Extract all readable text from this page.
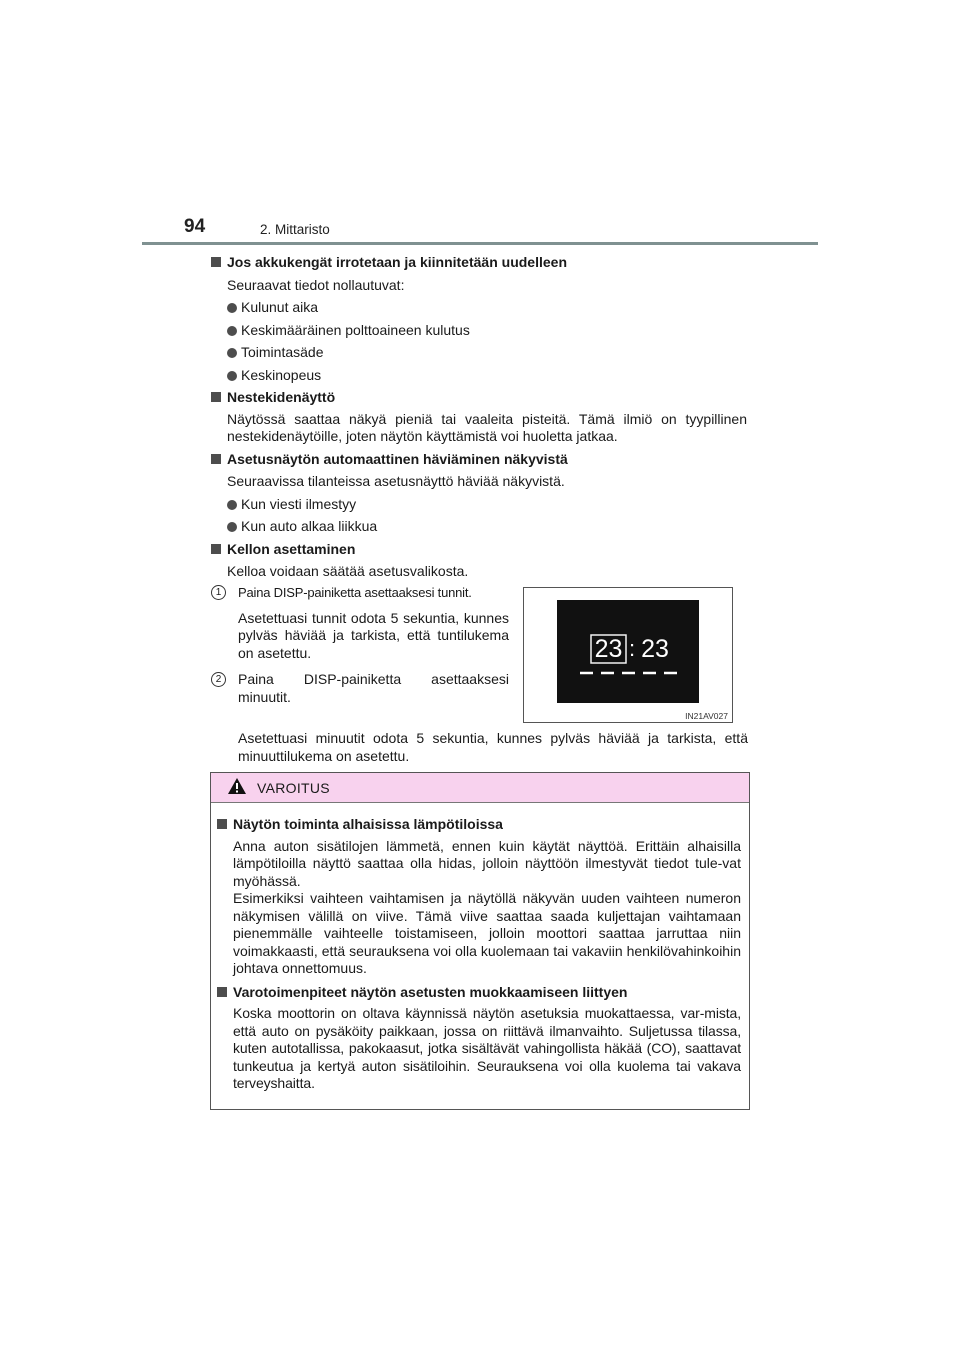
94	2. Mittaristo

Jos akkukengät irrotetaan ja kiinnitetään uudelleen

Seuraavat tiedot nollautuvat:
Kulunut aika
Keskimääräinen polttoaineen kulutus
Toimintasäde
Keskinopeus

Nestekidenäyttö

Näytössä saattaa näkyä pieniä tai vaaleita pisteitä. Tämä ilmiö on tyypillinen nestekidenäytöille, joten näytön käyttämistä voi huoletta jatkaa.

Asetusnäytön automaattinen häviäminen näkyvistä

Seuraavissa tilanteissa asetusnäyttö häviää näkyvistä.
Kun viesti ilmestyy
Kun auto alkaa liikkua

Kellon asettaminen

Kelloa voidaan säätää asetusvalikosta.
1	Paina DISP-painiketta asettaaksesi tunnit.
Asetettuasi tunnit odota 5 sekuntia, kunnes pylväs häviää ja tarkista, että tuntilukema on asetettu.
2	Paina DISP-painiketta asettaaksesi minuutit.
23 : 23
IN21AV027
Asetettuasi minuutit odota 5 sekuntia, kunnes pylväs häviää ja tarkista, että minuuttilukema on asetettu.
VAROITUS

Näytön toiminta alhaisissa lämpötiloissa

Anna auton sisätilojen lämmetä, ennen kuin käytät näyttöä. Erittäin alhaisilla lämpötiloilla näyttö saattaa olla hidas, jolloin näyttöön ilmestyvät tiedot tule-vat myöhässä.
Esimerkiksi vaihteen vaihtamisen ja näytöllä näkyvän uuden vaihteen numeron näkymisen välillä on viive. Tämä viive saattaa saada kuljettajan vaihtamaan pienemmälle vaihteelle toistamiseen, jolloin moottori saattaa jarruttaa niin voimakkaasti, että seurauksena voi olla kuolemaan tai vakaviin henkilövahinkoihin johtava onnettomuus.

Varotoimenpiteet näytön asetusten muokkaamiseen liittyen

Koska moottorin on oltava käynnissä näytön asetuksia muokattaessa, var-mista, että auto on pysäköity paikkaan, jossa on riittävä ilmanvaihto. Suljetussa tilassa, kuten autotallissa, pakokaasut, jotka sisältävät vahingollista häkää (CO), saattavat tunkeutua ja kertyä auton sisätiloihin. Seurauksena voi olla kuolema tai vakava terveyshaitta.
